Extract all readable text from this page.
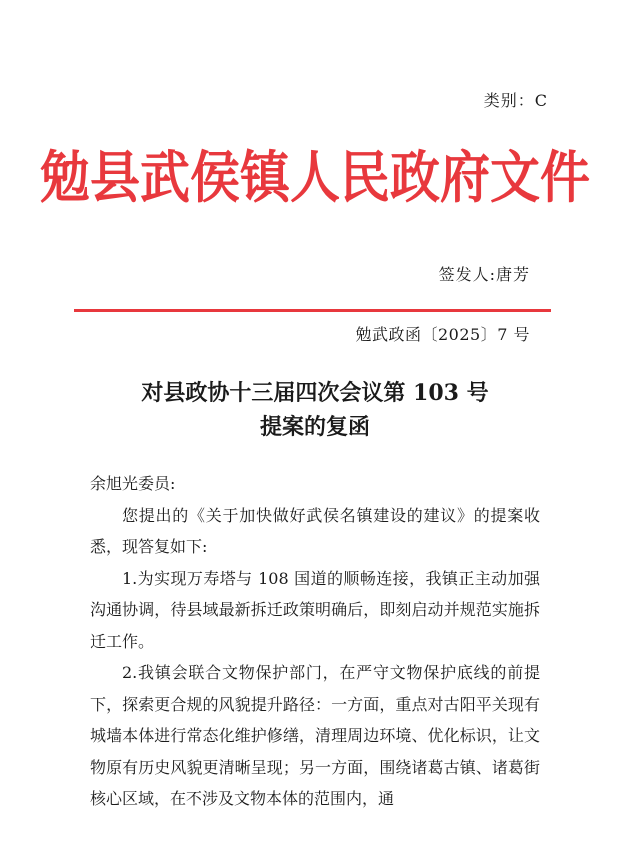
类别：C
勉县武侯镇人民政府文件
签发人:唐芳
勉武政函〔2025〕7 号
对县政协十三届四次会议第 103 号
提案的复函

余旭光委员:

您提出的《关于加快做好武侯名镇建设的建议》的提案收悉，现答复如下:

1.为实现万寿塔与 108 国道的顺畅连接，我镇正主动加强沟通协调，待县域最新拆迁政策明确后，即刻启动并规范实施拆迁工作。

2.我镇会联合文物保护部门，在严守文物保护底线的前提下，探索更合规的风貌提升路径：一方面，重点对古阳平关现有城墙本体进行常态化维护修缮，清理周边环境、优化标识，让文物原有历史风貌更清晰呈现；另一方面，围绕诸葛古镇、诸葛街核心区域，在不涉及文物本体的范围内，通
